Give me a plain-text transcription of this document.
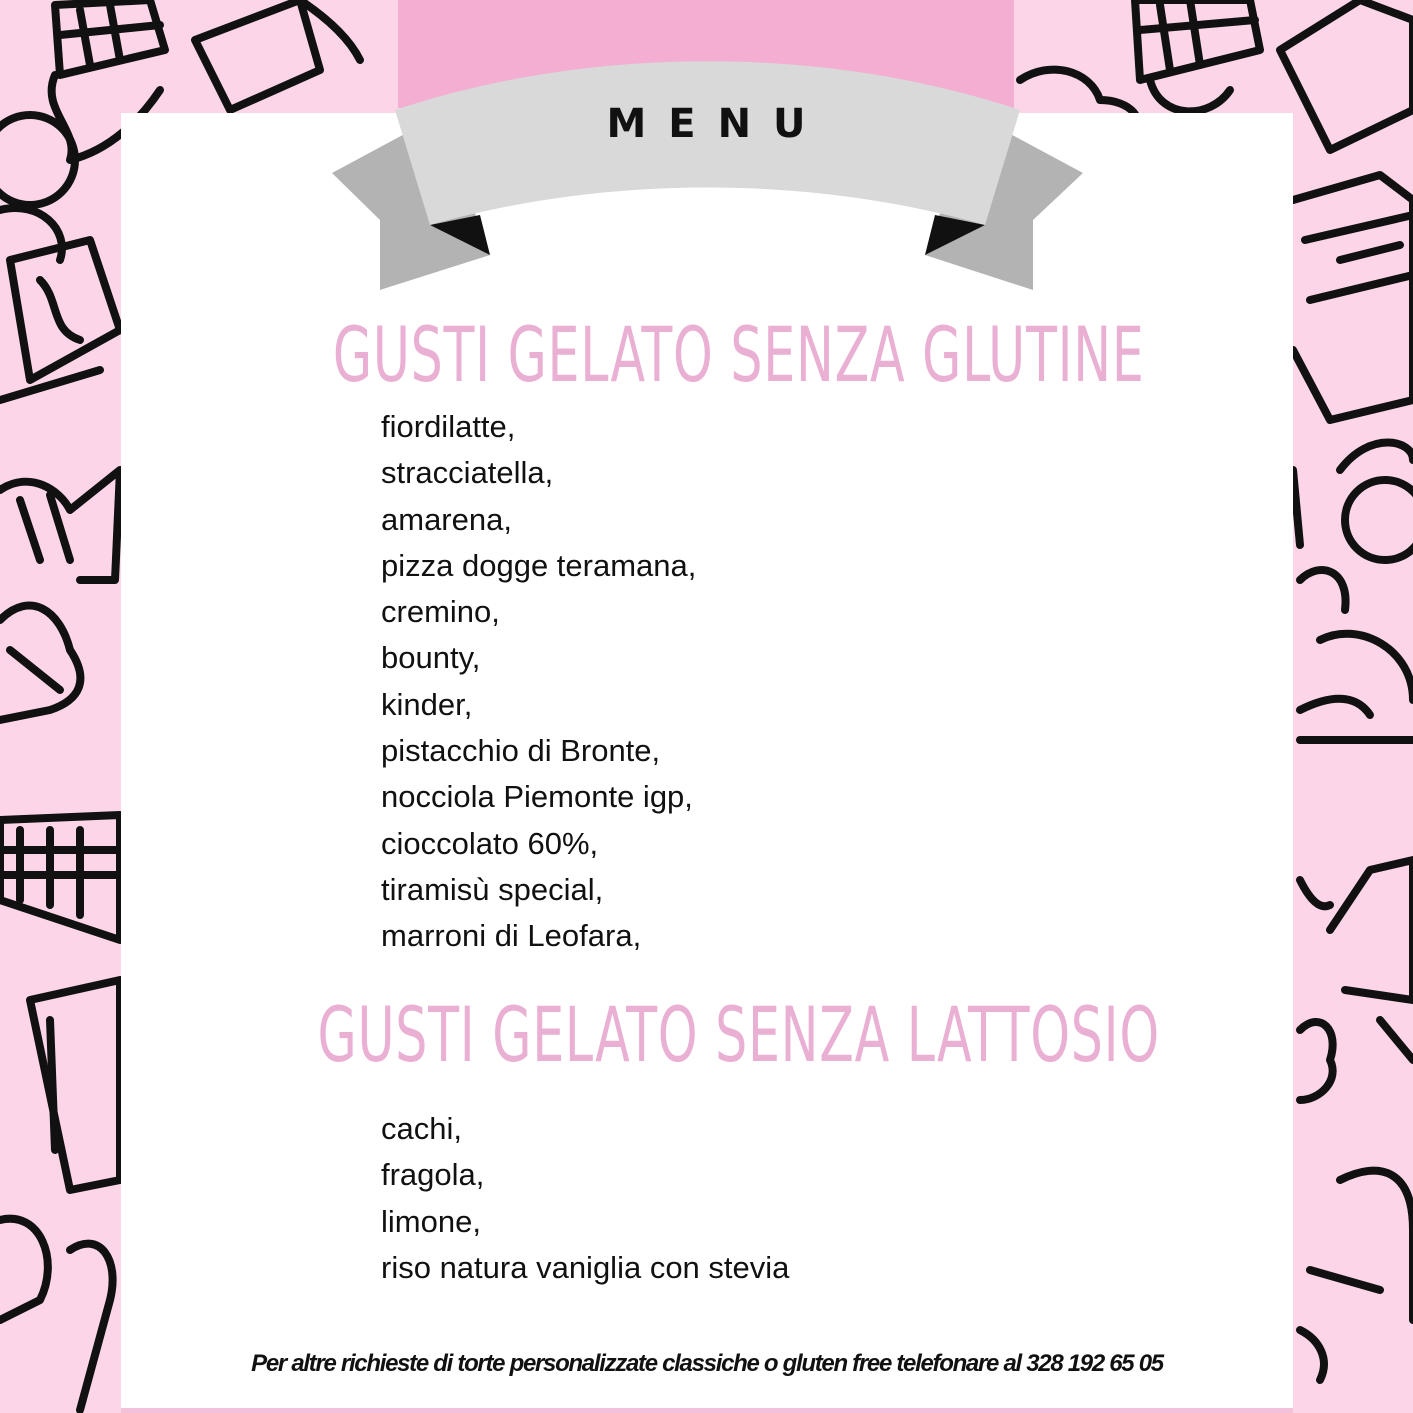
MENU
GUSTI GELATO SENZA GLUTINE
fiordilatte,
stracciatella,
amarena,
pizza dogge teramana,
cremino,
bounty,
kinder,
pistacchio di Bronte,
nocciola Piemonte igp,
cioccolato 60%,
tiramisù special,
marroni di Leofara,
GUSTI GELATO SENZA LATTOSIO
cachi,
fragola,
limone,
riso natura vaniglia con stevia
Per altre richieste di torte personalizzate classiche o gluten free telefonare al 328 192 65 05
